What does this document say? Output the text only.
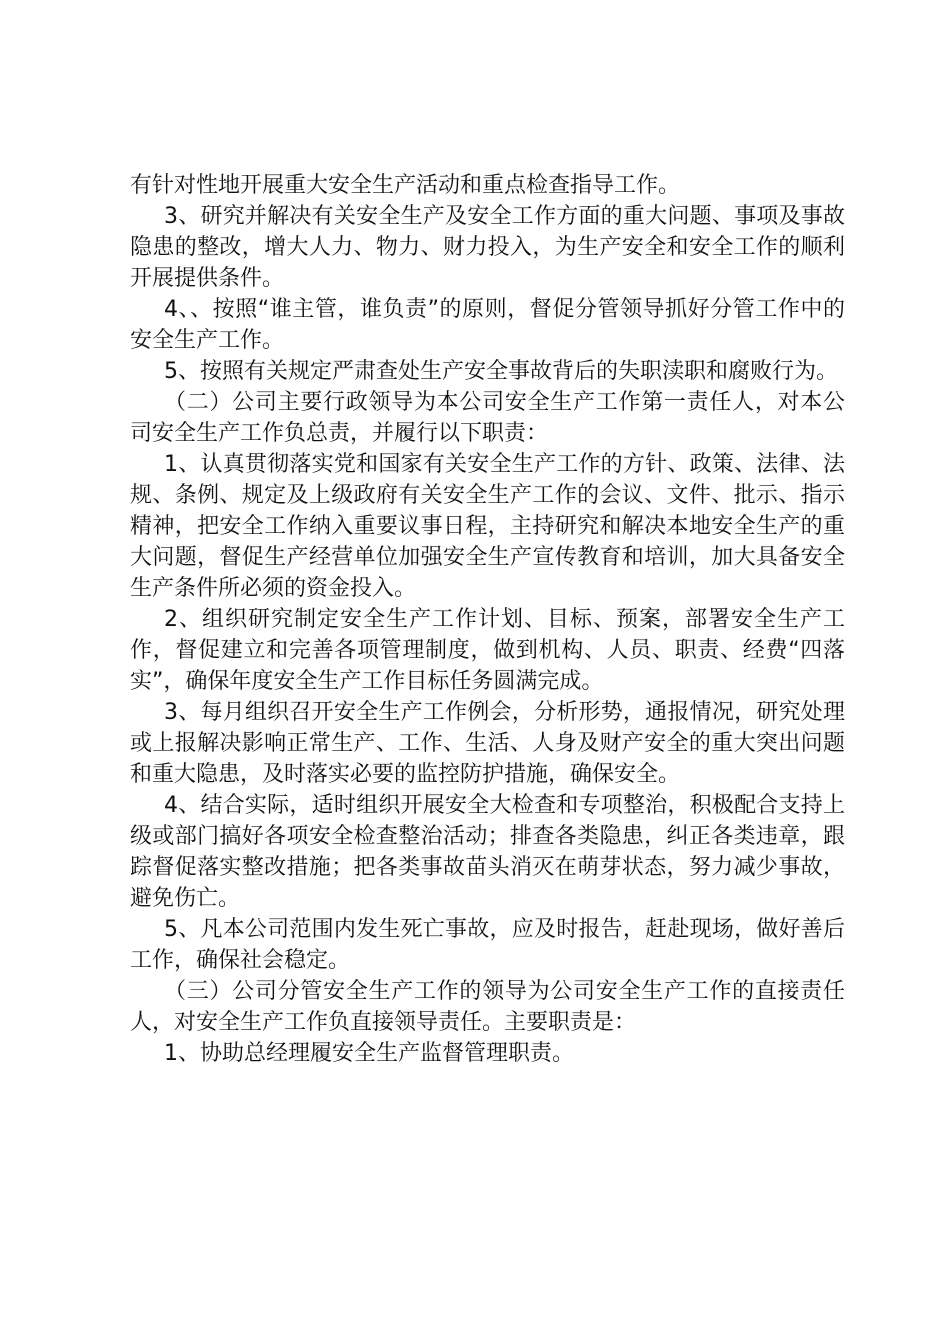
有针对性地开展重大安全生产活动和重点检查指导工作。

3、研究并解决有关安全生产及安全工作方面的重大问题、事项及事故隐患的整改，增大人力、物力、财力投入，为生产安全和安全工作的顺利开展提供条件。

4、、按照“谁主管，谁负责”的原则，督促分管领导抓好分管工作中的安全生产工作。

5、按照有关规定严肃查处生产安全事故背后的失职渎职和腐败行为。

（二）公司主要行政领导为本公司安全生产工作第一责任人，对本公司安全生产工作负总责，并履行以下职责：

1、认真贯彻落实党和国家有关安全生产工作的方针、政策、法律、法规、条例、规定及上级政府有关安全生产工作的会议、文件、批示、指示精神，把安全工作纳入重要议事日程，主持研究和解决本地安全生产的重大问题，督促生产经营单位加强安全生产宣传教育和培训，加大具备安全生产条件所必须的资金投入。

2、组织研究制定安全生产工作计划、目标、预案，部署安全生产工作，督促建立和完善各项管理制度，做到机构、人员、职责、经费“四落实”，确保年度安全生产工作目标任务圆满完成。

3、每月组织召开安全生产工作例会，分析形势，通报情况，研究处理或上报解决影响正常生产、工作、生活、人身及财产安全的重大突出问题和重大隐患，及时落实必要的监控防护措施，确保安全。

4、结合实际，适时组织开展安全大检查和专项整治，积极配合支持上级或部门搞好各项安全检查整治活动；排查各类隐患，纠正各类违章，跟踪督促落实整改措施；把各类事故苗头消灭在萌芽状态，努力减少事故，避免伤亡。

5、凡本公司范围内发生死亡事故，应及时报告，赶赴现场，做好善后工作，确保社会稳定。

（三）公司分管安全生产工作的领导为公司安全生产工作的直接责任人，对安全生产工作负直接领导责任。主要职责是：

1、协助总经理履安全生产监督管理职责。
